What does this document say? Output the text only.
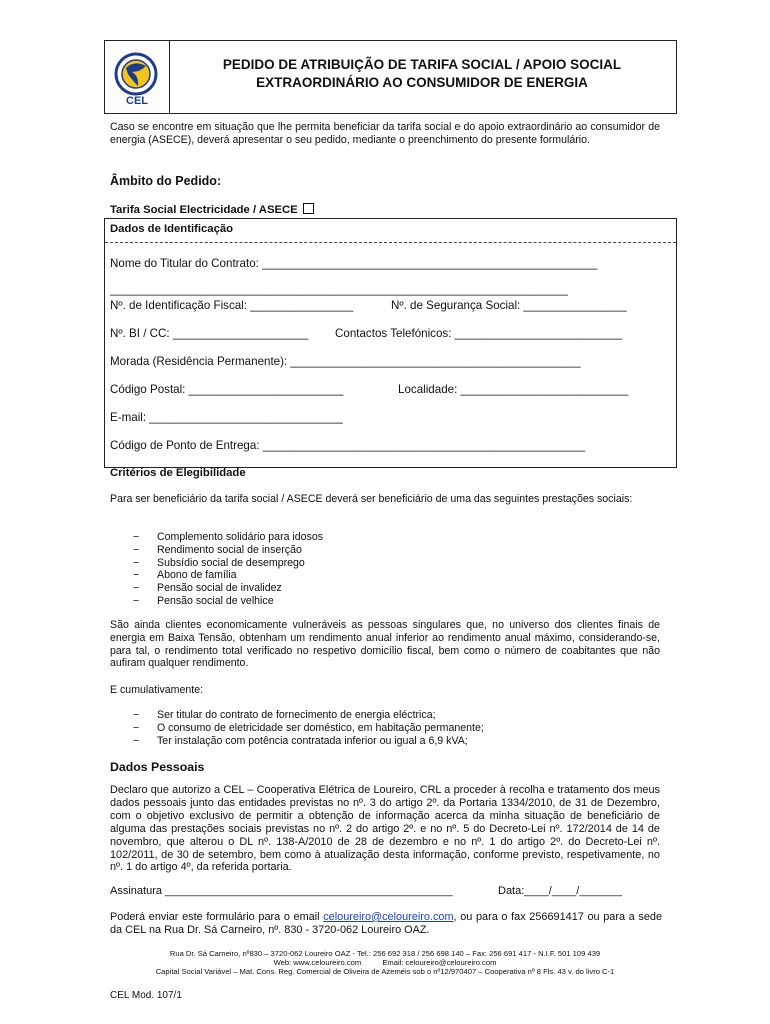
CEL
PEDIDO DE ATRIBUIÇÃO DE TARIFA SOCIAL / APOIO SOCIAL
EXTRAORDINÁRIO AO CONSUMIDOR DE ENERGIA
Caso se encontre em situação que lhe permita beneficiar da tarifa social e do apoio extraordinário ao consumidor de energia (ASECE), deverá apresentar o seu pedido, mediante o preenchimento do presente formulário.
Âmbito do Pedido:
Tarifa Social Electricidade / ASECE
Dados de Identificação
Nome do Titular do Contrato: ____________________________________________________
_______________________________________________________________________
Nº. de Identificação Fiscal: ________________	Nº. de Segurança Social: ________________
Nº. BI / CC: _____________________ Contactos Telefónicos: __________________________
Morada (Residência Permanente): _____________________________________________
Código Postal: ________________________	Localidade: __________________________
E-mail: ______________________________
Código de Ponto de Entrega: __________________________________________________
Critérios de Elegibilidade
Para ser beneficiário da tarifa social / ASECE deverá ser beneficiário de uma das seguintes prestações sociais:
− Complemento solidário para idosos
− Rendimento social de inserção
− Subsídio social de desemprego
− Abono de família
− Pensão social de invalidez
− Pensão social de velhice
São ainda clientes economicamente vulneráveis as pessoas singulares que, no universo dos clientes finais de energia em Baixa Tensão, obtenham um rendimento anual inferior ao rendimento anual máximo, considerando-se, para tal, o rendimento total verificado no respetivo domicílio fiscal, bem como o número de coabitantes que não aufiram qualquer rendimento.
E cumulativamente:
− Ser titular do contrato de fornecimento de energia eléctrica;
− O consumo de eletricidade ser doméstico, em habitação permanente;
− Ter instalação com potência contratada inferior ou igual a 6,9 kVA;
Dados Pessoais
Declaro que autorizo a CEL – Cooperativa Elétrica de Loureiro, CRL a proceder à recolha e tratamento dos meus dados pessoais junto das entidades previstas no nº. 3 do artigo 2º. da Portaria 1334/2010, de 31 de Dezembro, com o objetivo exclusivo de permitir a obtenção de informação acerca da minha situação de beneficiário de alguma das prestações sociais previstas no nº. 2 do artigo 2º. e no nº. 5 do Decreto-Lei nº. 172/2014 de 14 de novembro, que alterou o DL nº. 138-A/2010 de 28 de dezembro e no nº. 1 do artigo 2º. do Decreto-Lei nº. 102/2011, de 30 de setembro, bem como à atualização desta informação, conforme previsto, respetivamente, no nº. 1 do artigo 4º, da referida portaria.
Assinatura _______________________________________________	Data:____/____/_______
Poderá enviar este formulário para o email celoureiro@celoureiro.com, ou para o fax 256691417 ou para a sede da CEL na Rua Dr. Sá Carneiro, nº. 830 - 3720-062 Loureiro OAZ.
Rua Dr. Sá Carneiro, nº830 – 3720-062 Loureiro OAZ - Tel.: 256 692 318 / 256 698 140 – Fax: 256 691 417 - N.I.F. 501 109 439
Web: www.celoureiro.com          Email: celoureiro@celoureiro.com
Capital Social Variável – Mat. Cons. Reg. Comercial de Oliveira de Azeméis sob o nº12/970407 – Cooperativa nº 8 Fls. 43 v. do livro C-1
CEL Mod. 107/1
